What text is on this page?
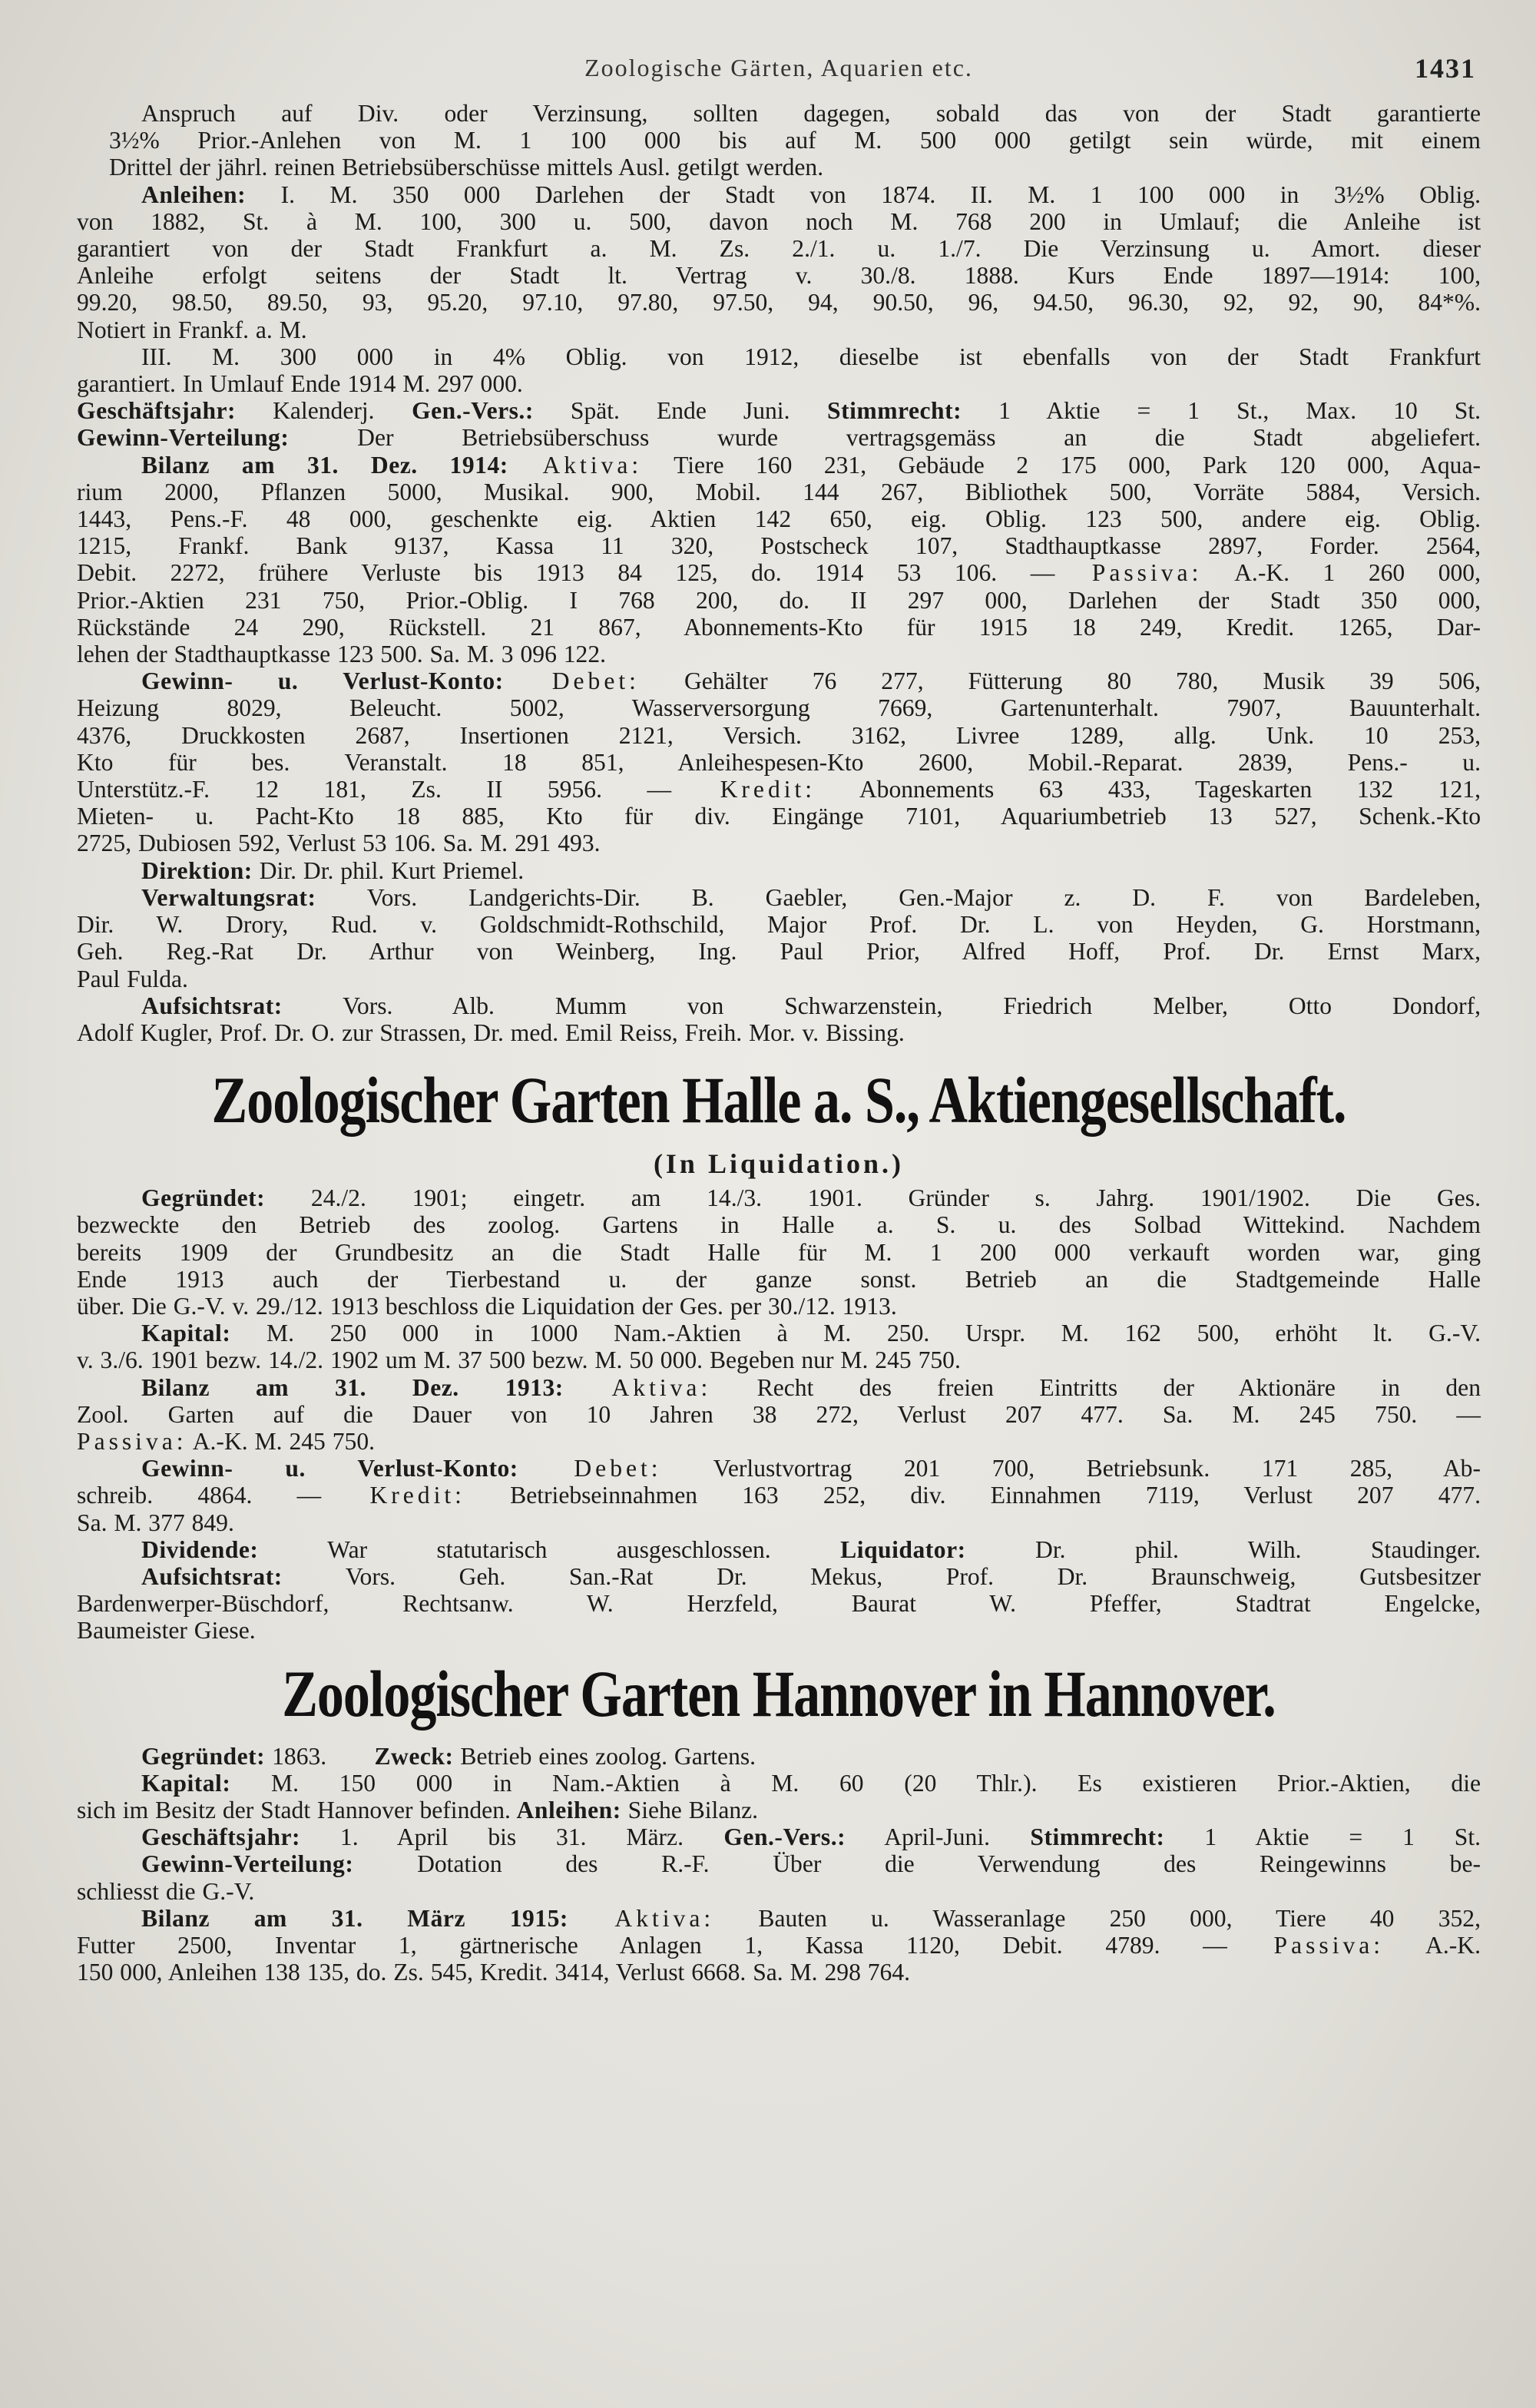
Zoologische Gärten, Aquarien etc.	1431

Anspruch auf Div. oder Verzinsung, sollten dagegen, sobald das von der Stadt garantierte

3½% Prior.-Anlehen von M. 1 100 000 bis auf M. 500 000 getilgt sein würde, mit einem

Drittel der jährl. reinen Betriebsüberschüsse mittels Ausl. getilgt werden.

Anleihen: I. M. 350 000 Darlehen der Stadt von 1874. II. M. 1 100 000 in 3½% Oblig.

von 1882, St. à M. 100, 300 u. 500, davon noch M. 768 200 in Umlauf; die Anleihe ist

garantiert von der Stadt Frankfurt a. M. Zs. 2./1. u. 1./7. Die Verzinsung u. Amort. dieser

Anleihe erfolgt seitens der Stadt lt. Vertrag v. 30./8. 1888. Kurs Ende 1897—1914: 100,

99.20, 98.50, 89.50, 93, 95.20, 97.10, 97.80, 97.50, 94, 90.50, 96, 94.50, 96.30, 92, 92, 90, 84*%.

Notiert in Frankf. a. M.

III. M. 300 000 in 4% Oblig. von 1912, dieselbe ist ebenfalls von der Stadt Frankfurt

garantiert. In Umlauf Ende 1914 M. 297 000.

Geschäftsjahr: Kalenderj. Gen.-Vers.: Spät. Ende Juni. Stimmrecht: 1 Aktie = 1 St., Max. 10 St.

Gewinn-Verteilung: Der Betriebsüberschuss wurde vertragsgemäss an die Stadt abgeliefert.

Bilanz am 31. Dez. 1914: Aktiva: Tiere 160 231, Gebäude 2 175 000, Park 120 000, Aqua-

rium 2000, Pflanzen 5000, Musikal. 900, Mobil. 144 267, Bibliothek 500, Vorräte 5884, Versich.

1443, Pens.-F. 48 000, geschenkte eig. Aktien 142 650, eig. Oblig. 123 500, andere eig. Oblig.

1215, Frankf. Bank 9137, Kassa 11 320, Postscheck 107, Stadthauptkasse 2897, Forder. 2564,

Debit. 2272, frühere Verluste bis 1913 84 125, do. 1914 53 106. — Passiva: A.-K. 1 260 000,

Prior.-Aktien 231 750, Prior.-Oblig. I 768 200, do. II 297 000, Darlehen der Stadt 350 000,

Rückstände 24 290, Rückstell. 21 867, Abonnements-Kto für 1915 18 249, Kredit. 1265, Dar-

lehen der Stadthauptkasse 123 500. Sa. M. 3 096 122.

Gewinn- u. Verlust-Konto: Debet: Gehälter 76 277, Fütterung 80 780, Musik 39 506,

Heizung 8029, Beleucht. 5002, Wasserversorgung 7669, Gartenunterhalt. 7907, Bauunterhalt.

4376, Druckkosten 2687, Insertionen 2121, Versich. 3162, Livree 1289, allg. Unk. 10 253,

Kto für bes. Veranstalt. 18 851, Anleihespesen-Kto 2600, Mobil.-Reparat. 2839, Pens.- u.

Unterstütz.-F. 12 181, Zs. II 5956. — Kredit: Abonnements 63 433, Tageskarten 132 121,

Mieten- u. Pacht-Kto 18 885, Kto für div. Eingänge 7101, Aquariumbetrieb 13 527, Schenk.-Kto

2725, Dubiosen 592, Verlust 53 106. Sa. M. 291 493.

Direktion: Dir. Dr. phil. Kurt Priemel.

Verwaltungsrat: Vors. Landgerichts-Dir. B. Gaebler, Gen.-Major z. D. F. von Bardeleben,

Dir. W. Drory, Rud. v. Goldschmidt-Rothschild, Major Prof. Dr. L. von Heyden, G. Horstmann,

Geh. Reg.-Rat Dr. Arthur von Weinberg, Ing. Paul Prior, Alfred Hoff, Prof. Dr. Ernst Marx,

Paul Fulda.

Aufsichtsrat: Vors. Alb. Mumm von Schwarzenstein, Friedrich Melber, Otto Dondorf,

Adolf Kugler, Prof. Dr. O. zur Strassen, Dr. med. Emil Reiss, Freih. Mor. v. Bissing.

Zoologischer Garten Halle a. S., Aktiengesellschaft.
(In Liquidation.)

Gegründet: 24./2. 1901; eingetr. am 14./3. 1901. Gründer s. Jahrg. 1901/1902. Die Ges.

bezweckte den Betrieb des zoolog. Gartens in Halle a. S. u. des Solbad Wittekind. Nachdem

bereits 1909 der Grundbesitz an die Stadt Halle für M. 1 200 000 verkauft worden war, ging

Ende 1913 auch der Tierbestand u. der ganze sonst. Betrieb an die Stadtgemeinde Halle

über. Die G.-V. v. 29./12. 1913 beschloss die Liquidation der Ges. per 30./12. 1913.

Kapital: M. 250 000 in 1000 Nam.-Aktien à M. 250. Urspr. M. 162 500, erhöht lt. G.-V.

v. 3./6. 1901 bezw. 14./2. 1902 um M. 37 500 bezw. M. 50 000. Begeben nur M. 245 750.

Bilanz am 31. Dez. 1913: Aktiva: Recht des freien Eintritts der Aktionäre in den

Zool. Garten auf die Dauer von 10 Jahren 38 272, Verlust 207 477. Sa. M. 245 750. —

Passiva: A.-K. M. 245 750.

Gewinn- u. Verlust-Konto: Debet: Verlustvortrag 201 700, Betriebsunk. 171 285, Ab-

schreib. 4864. — Kredit: Betriebseinnahmen 163 252, div. Einnahmen 7119, Verlust 207 477.

Sa. M. 377 849.

Dividende: War statutarisch ausgeschlossen.	Liquidator: Dr. phil. Wilh. Staudinger.

Aufsichtsrat: Vors. Geh. San.-Rat Dr. Mekus, Prof. Dr. Braunschweig, Gutsbesitzer

Bardenwerper-Büschdorf, Rechtsanw. W. Herzfeld, Baurat W. Pfeffer, Stadtrat Engelcke,

Baumeister Giese.

Zoologischer Garten Hannover in Hannover.

Gegründet: 1863. Zweck: Betrieb eines zoolog. Gartens.

Kapital: M. 150 000 in Nam.-Aktien à M. 60 (20 Thlr.). Es existieren Prior.-Aktien, die

sich im Besitz der Stadt Hannover befinden. Anleihen: Siehe Bilanz.

Geschäftsjahr: 1. April bis 31. März. Gen.-Vers.: April-Juni. Stimmrecht: 1 Aktie = 1 St.

Gewinn-Verteilung: Dotation des R.-F. Über die Verwendung des Reingewinns be-

schliesst die G.-V.

Bilanz am 31. März 1915: Aktiva: Bauten u. Wasseranlage 250 000, Tiere 40 352,

Futter 2500, Inventar 1, gärtnerische Anlagen 1, Kassa 1120, Debit. 4789. — Passiva: A.-K.

150 000, Anleihen 138 135, do. Zs. 545, Kredit. 3414, Verlust 6668. Sa. M. 298 764.
